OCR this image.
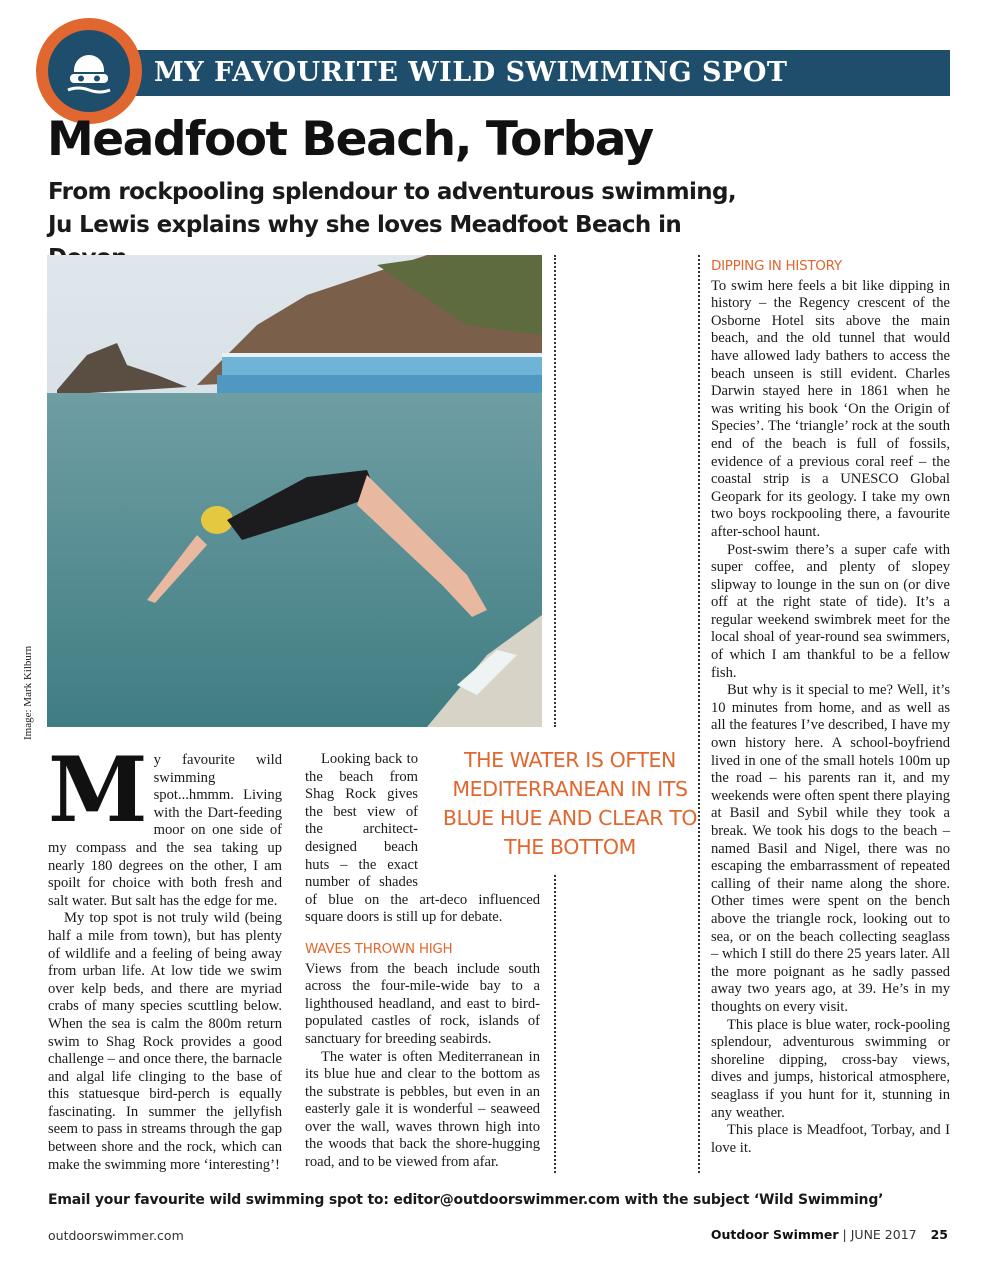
MY FAVOURITE WILD SWIMMING SPOT
Meadfoot Beach, Torbay
From rockpooling splendour to adventurous swimming, Ju Lewis explains why she loves Meadfoot Beach in
Image: Mark Kilburn
M y favourite wild swimming spot...hmmm. Living with the Dart-feeding moor on one side of my compass and the sea taking up nearly 180 degrees on the other, I am spoilt for choice with both fresh and salt water. But salt has the edge for me.

My top spot is not truly wild (being half a mile from town), but has plenty of wildlife and a feeling of being away from urban life. At low tide we swim over kelp beds, and there are myriad crabs of many species scuttling below. When the sea is calm the 800m return swim to Shag Rock provides a good challenge – and once there, the barnacle and algal life clinging to the base of this statuesque bird-perch is equally fascinating. In summer the jellyfish seem to pass in streams through the gap between shore and the rock, which can make the swimming more ‘interesting’!

THE WATER IS OFTEN MEDITERRANEAN IN ITS BLUE HUE AND CLEAR TO THE BOTTOM

Looking back to the beach from Shag Rock gives the best view of the architect-designed beach huts – the exact number of shades of blue on the art-deco influenced square doors is still up for debate.

WAVES THROWN HIGH

Views from the beach include south across the four-mile-wide bay to a lighthoused headland, and east to bird-populated castles of rock, islands of sanctuary for breeding seabirds.

The water is often Mediterranean in its blue hue and clear to the bottom as the substrate is pebbles, but even in an easterly gale it is wonderful – seaweed over the wall, waves thrown high into the woods that back the shore-hugging road, and to be viewed from afar.

DIPPING IN HISTORY

To swim here feels a bit like dipping in history – the Regency crescent of the Osborne Hotel sits above the main beach, and the old tunnel that would have allowed lady bathers to access the beach unseen is still evident. Charles Darwin stayed here in 1861 when he was writing his book ‘On the Origin of Species’. The ‘triangle’ rock at the south end of the beach is full of fossils, evidence of a previous coral reef – the coastal strip is a UNESCO Global Geopark for its geology. I take my own two boys rockpooling there, a favourite after-school haunt.

Post-swim there’s a super cafe with super coffee, and plenty of slopey slipway to lounge in the sun on (or dive off at the right state of tide). It’s a regular weekend swimbrek meet for the local shoal of year-round sea swimmers, of which I am thankful to be a fellow fish.

But why is it special to me? Well, it’s 10 minutes from home, and as well as all the features I’ve described, I have my own history here. A school-boyfriend lived in one of the small hotels 100m up the road – his parents ran it, and my weekends were often spent there playing at Basil and Sybil while they took a break. We took his dogs to the beach – named Basil and Nigel, there was no escaping the embarrassment of repeated calling of their name along the shore. Other times were spent on the bench above the triangle rock, looking out to sea, or on the beach collecting seaglass – which I still do there 25 years later. All the more poignant as he sadly passed away two years ago, at 39. He’s in my thoughts on every visit.

This place is blue water, rock-pooling splendour, adventurous swimming or shoreline dipping, cross-bay views, dives and jumps, historical atmosphere, seaglass if you hunt for it, stunning in any weather.

This place is Meadfoot, Torbay, and I love it.

Email your favourite wild swimming spot to: editor@outdoorswimmer.com with the subject ‘Wild Swimming’
outdoorswimmer.com	Outdoor Swimmer | JUNE 2017 25
